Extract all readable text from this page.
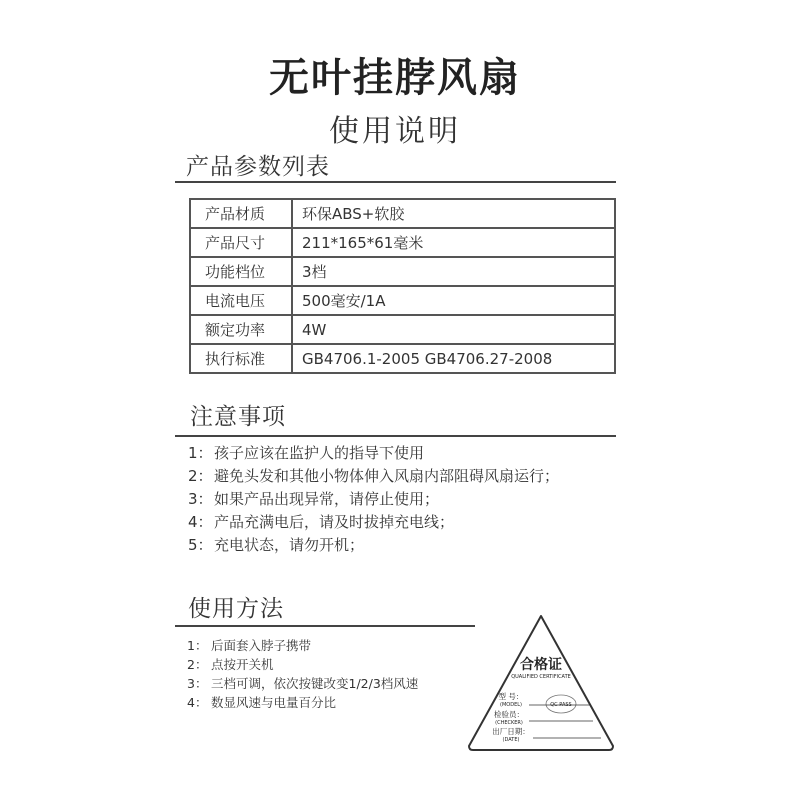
无叶挂脖风扇
使用说明
产品参数列表
产品材质	环保ABS+软胶
产品尺寸	211*165*61毫米
功能档位	3档
电流电压	500毫安/1A
额定功率	4W
执行标准	GB4706.1-2005 GB4706.27-2008
注意事项
1：孩子应该在监护人的指导下使用
2：避免头发和其他小物体伸入风扇内部阻碍风扇运行；
3：如果产品出现异常，请停止使用；
4：产品充满电后，请及时拔掉充电线；
5：充电状态，请勿开机；
使用方法
1： 后面套入脖子携带
2： 点按开关机
3： 三档可调，依次按键改变1/2/3档风速
4： 数显风速与电量百分比
合格证
QUALIFIED CERTIFICATE
QC PASS
型 号：
(MODEL)
检验员：
(CHECKER)
出厂日期：
(DATE)
